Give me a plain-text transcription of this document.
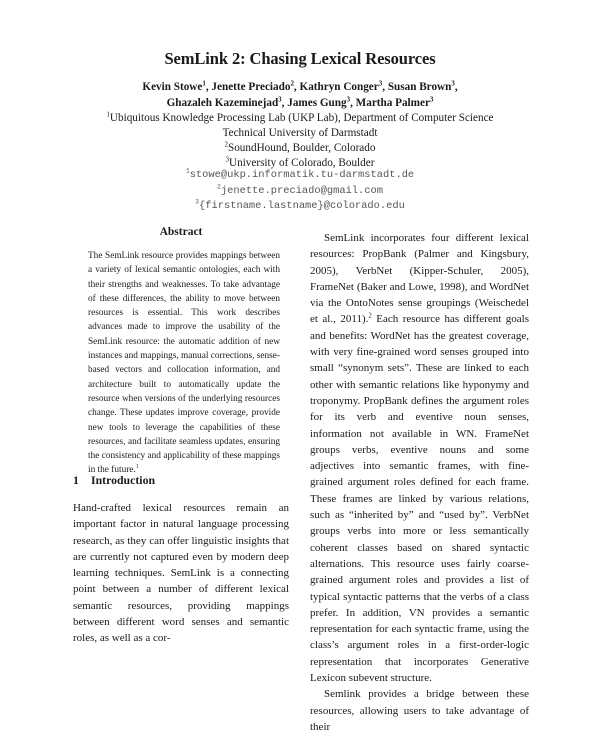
SemLink 2: Chasing Lexical Resources
Kevin Stowe$^1$, Jenette Preciado$^2$, Kathryn Conger$^3$, Susan Brown$^3$,
Ghazaleh Kazeminejad$^3$, James Gung$^3$, Martha Palmer$^3$
$^1$Ubiquitous Knowledge Processing Lab (UKP Lab), Department of Computer Science
Technical University of Darmstadt
$^2$SoundHound, Boulder, Colorado
$^3$University of Colorado, Boulder
$^1$stowe@ukp.informatik.tu-darmstadt.de
$^2$jenette.preciado@gmail.com
$^3${firstname.lastname}@colorado.edu
Abstract

The SemLink resource provides mappings between a variety of lexical semantic ontologies, each with their strengths and weaknesses. To take advantage of these differences, the ability to move between resources is essential. This work describes advances made to improve the usability of the SemLink resource: the automatic addition of new instances and mappings, manual corrections, sense-based vectors and collocation information, and architecture built to automatically update the resource when versions of the underlying resources change. These updates improve coverage, provide new tools to leverage the capabilities of these resources, and facilitate seamless updates, ensuring the consistency and applicability of these mappings in the future.$^1$

1 Introduction

Hand-crafted lexical resources remain an important factor in natural language processing research, as they can offer linguistic insights that are currently not captured even by modern deep learning techniques. SemLink is a connecting point between a number of different lexical semantic resources, providing mappings between different word senses and semantic roles, as well as a cor-

SemLink incorporates four different lexical resources: PropBank (Palmer and Kingsbury, 2005), VerbNet (Kipper-Schuler, 2005), FrameNet (Baker and Lowe, 1998), and WordNet via the OntoNotes sense groupings (Weischedel et al., 2011).$^2$ Each resource has different goals and benefits: WordNet has the greatest coverage, with very fine-grained word senses grouped into small “synonym sets”. These are linked to each other with semantic relations like hyponymy and troponymy. PropBank defines the argument roles for its verb and eventive noun senses, information not available in WN. FrameNet groups verbs, eventive nouns and some adjectives into semantic frames, with fine-grained argument roles defined for each frame. These frames are linked by various relations, such as “inherited by” and “used by”. VerbNet groups verbs into more or less semantically coherent classes based on shared syntactic alternations. This resource uses fairly coarse-grained argument roles and provides a list of typical syntactic patterns that the verbs of a class prefer. In addition, VN provides a semantic representation for each syntactic frame, using the class’s argument roles in a first-order-logic representation that incorporates Generative Lexicon subevent structure.

Semlink provides a bridge between these resources, allowing users to take advantage of their
